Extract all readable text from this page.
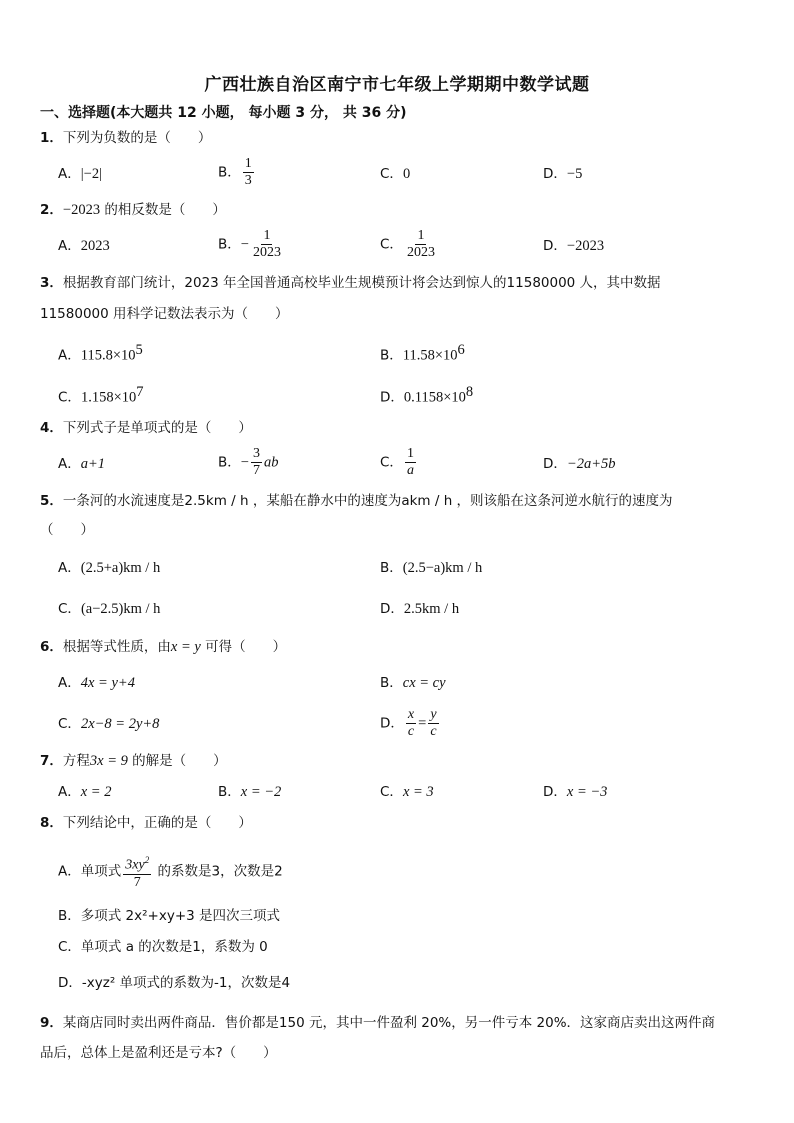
广西壮族自治区南宁市七年级上学期期中数学试题
一、选择题(本大题共 12 小题， 每小题 3 分， 共 36 分)
1．下列为负数的是（　　）
A．|−2|	B． $\frac{1}{3}$	C．0	D．−5
2．−2023 的相反数是（　　）
A．2023	B．− $\frac{1}{2023}$	C． $\frac{1}{2023}$	D．−2023
3．根据教育部门统计，2023 年全国普通高校毕业生规模预计将会达到惊人的11580000 人，其中数据
11580000 用科学记数法表示为（　　）
A．$115.8\times 10^5$	B．$11.58\times 10^6$
C．$1.158\times 10^7$	D．$0.1158\times 10^8$
4．下列式子是单项式的是（　　）
A．a+1	B．− $\frac{3}{7}$ ab	C． $\frac{1}{a}$	D．−2a+5b
5．一条河的水流速度是2.5km / h ，某船在静水中的速度为akm / h ，则该船在这条河逆水航行的速度为
（　　）
A．(2.5+a)km / h	B．(2.5−a)km / h
C．(a−2.5)km / h	D．2.5km / h
6．根据等式性质，由x = y 可得（　　）
A．4x = y+4	B．cx = cy
C．2x−8 = 2y+8	D． $\frac{x}{c} = \frac{y}{c}$
7．方程3x = 9 的解是（　　）
A．x = 2	B．x = −2	C．x = 3	D．x = −3
8．下列结论中，正确的是（　　）
A．单项式 $\frac{3xy^2}{7}$ 的系数是3，次数是2
B．多项式 2x²+xy+3 是四次三项式
C．单项式 a 的次数是1，系数为 0
D．-xyz² 单项式的系数为-1，次数是4
9．某商店同时卖出两件商品．售价都是150 元，其中一件盈利 20%，另一件亏本 20%．这家商店卖出这两件商
品后，总体上是盈利还是亏本?（　　）
